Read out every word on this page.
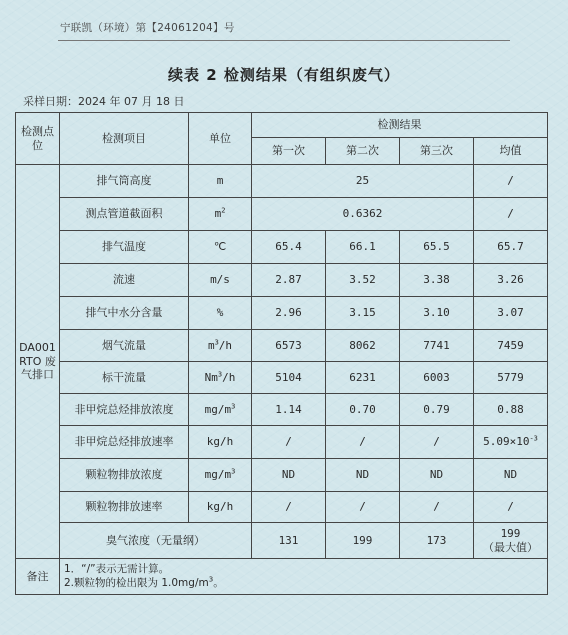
宁联凯（环境）第【24061204】号
续表 2 检测结果（有组织废气）
采样日期：2024 年 07 月 18 日
检测点位	检测项目	单位	检测结果			
			第一次	第二次	第三次	均值
DA001 RTO 废气排口	排气筒高度	m	25			/
	测点管道截面积	$m^2$	0.6362			/
	排气温度	℃	65.4	66.1	65.5	65.7
	流速	m/s	2.87	3.52	3.38	3.26
	排气中水分含量	%	2.96	3.15	3.10	3.07
	烟气流量	$m^3/h$	6573	8062	7741	7459
	标干流量	Nm$^3$/h	5104	6231	6003	5779
	非甲烷总烃排放浓度	$mg/m^3$	1.14	0.70	0.79	0.88
	非甲烷总烃排放速率	kg/h	/	/	/	$5.09\times 10^{-3}$
	颗粒物排放浓度	$mg/m^3$	ND	ND	ND	ND
	颗粒物排放速率	kg/h	/	/	/	/
	臭气浓度（无量纲）		131	199	173	199
（最大值）

备注	1．“/”表示无需计算。
2.颗粒物的检出限为 $1.0mg/m^3$。					
